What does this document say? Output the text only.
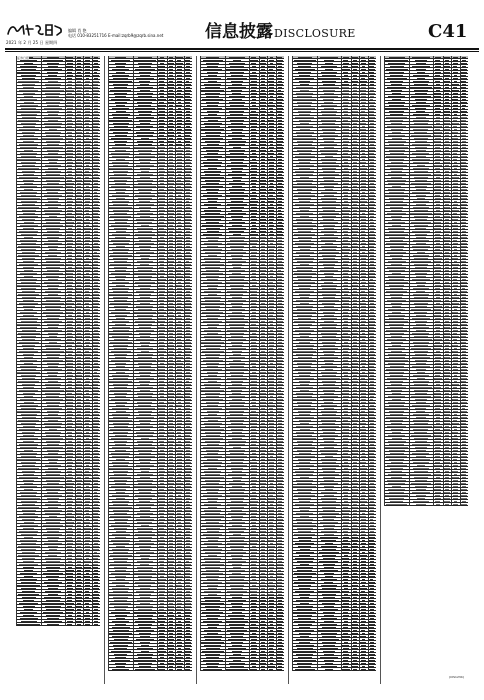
2021 年 2 月 25 日 星期四
编辑 肖 艳
电话 010-83251716 E-mail:zqrb9@zqrb.sina.net 信息披露DISCLOSURE	C41
证券日报
(CIS1234)
